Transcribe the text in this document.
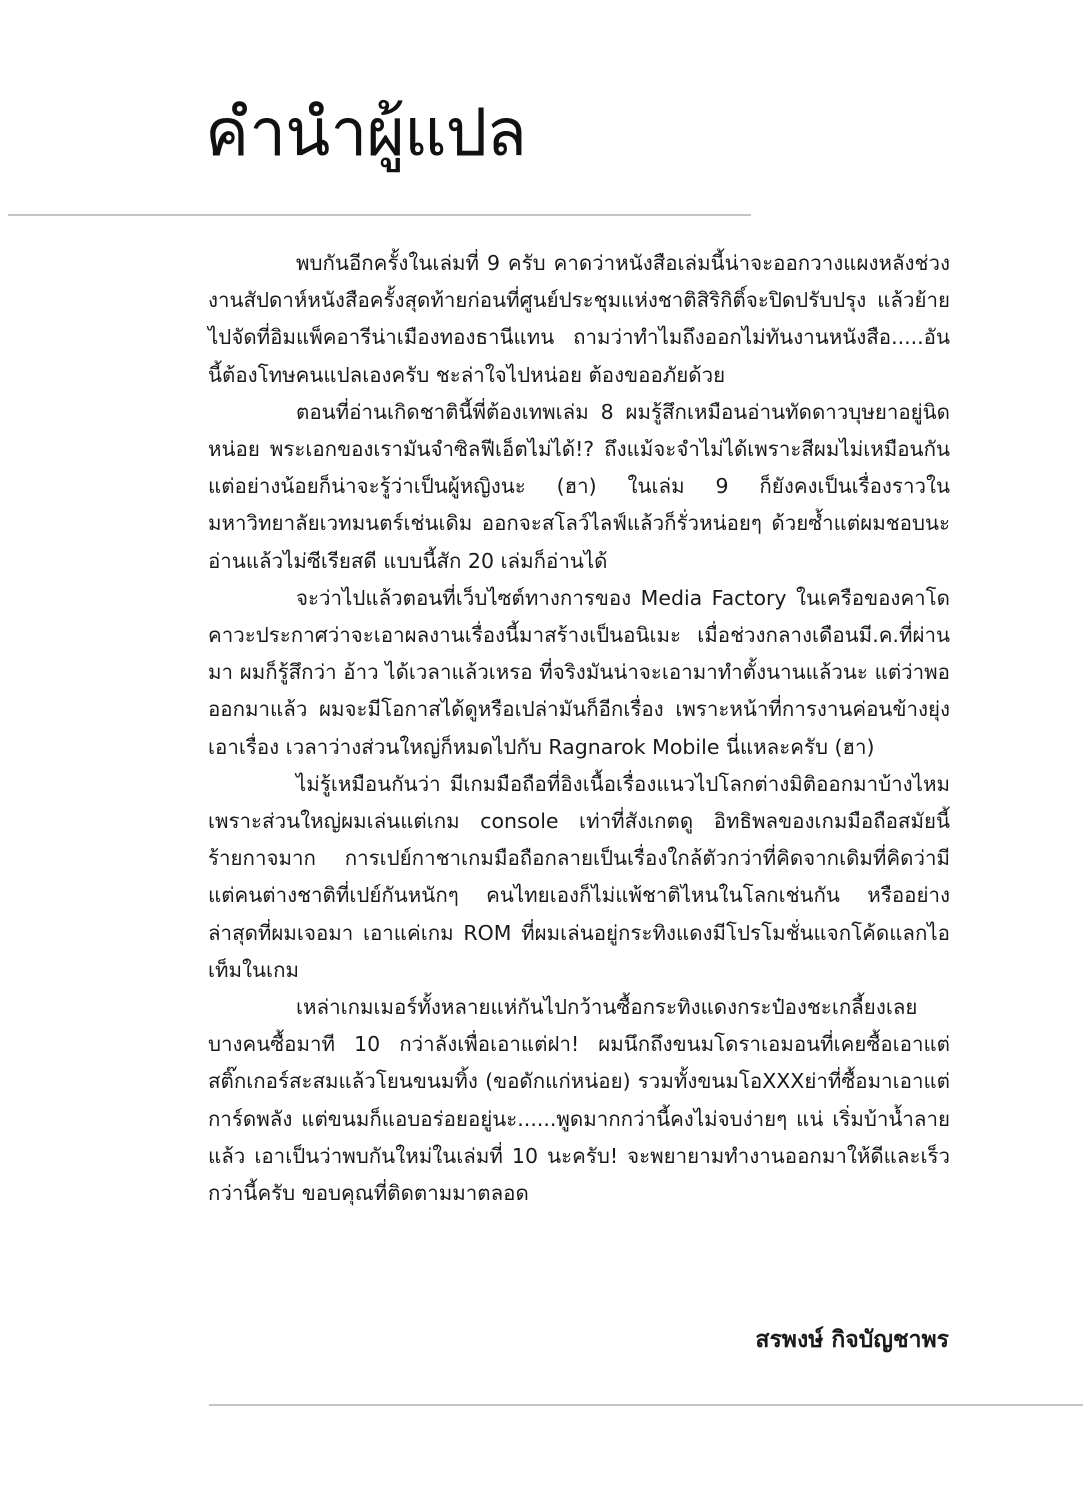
คำนำผู้แปล

พบกันอีกครั้งในเล่มที่ 9 ครับ คาดว่าหนังสือเล่มนี้น่าจะออกวางแผงหลังช่วงงานสัปดาห์หนังสือครั้งสุดท้ายก่อนที่ศูนย์ประชุมแห่งชาติสิริกิติ์จะปิดปรับปรุง แล้วย้ายไปจัดที่อิมแพ็คอารีน่าเมืองทองธานีแทน ถามว่าทำไมถึงออกไม่ทันงานหนังสือ.....อันนี้ต้องโทษคนแปลเองครับ ชะล่าใจไปหน่อย ต้องขออภัยด้วย

ตอนที่อ่านเกิดชาตินี้พี่ต้องเทพเล่ม 8 ผมรู้สึกเหมือนอ่านทัดดาวบุษยาอยู่นิดหน่อย พระเอกของเรามันจำซิลฟีเอ็ตไม่ได้!? ถึงแม้จะจำไม่ได้เพราะสีผมไม่เหมือนกัน แต่อย่างน้อยก็น่าจะรู้ว่าเป็นผู้หญิงนะ (ฮา) ในเล่ม 9 ก็ยังคงเป็นเรื่องราวในมหาวิทยาลัยเวทมนตร์เช่นเดิม ออกจะสโลว์ไลฟ์แล้วก็รั่วหน่อยๆ ด้วยซ้ำแต่ผมชอบนะ อ่านแล้วไม่ซีเรียสดี แบบนี้สัก 20 เล่มก็อ่านได้

จะว่าไปแล้วตอนที่เว็บไซต์ทางการของ Media Factory ในเครือของคาโดคาวะประกาศว่าจะเอาผลงานเรื่องนี้มาสร้างเป็นอนิเมะ เมื่อช่วงกลางเดือนมี.ค.ที่ผ่านมา ผมก็รู้สึกว่า อ้าว ได้เวลาแล้วเหรอ ที่จริงมันน่าจะเอามาทำตั้งนานแล้วนะ แต่ว่าพอออกมาแล้ว ผมจะมีโอกาสได้ดูหรือเปล่ามันก็อีกเรื่อง เพราะหน้าที่การงานค่อนข้างยุ่งเอาเรื่อง เวลาว่างส่วนใหญ่ก็หมดไปกับ Ragnarok Mobile นี่แหละครับ (ฮา)

ไม่รู้เหมือนกันว่า มีเกมมือถือที่อิงเนื้อเรื่องแนวไปโลกต่างมิติออกมาบ้างไหม เพราะส่วนใหญ่ผมเล่นแต่เกม console เท่าที่สังเกตดู อิทธิพลของเกมมือถือสมัยนี้ร้ายกาจมาก การเปย์กาชาเกมมือถือกลายเป็นเรื่องใกล้ตัวกว่าที่คิดจากเดิมที่คิดว่ามีแต่คนต่างชาติที่เปย์กันหนักๆ คนไทยเองก็ไม่แพ้ชาติไหนในโลกเช่นกัน หรืออย่างล่าสุดที่ผมเจอมา เอาแค่เกม ROM ที่ผมเล่นอยู่กระทิงแดงมีโปรโมชั่นแจกโค้ดแลกไอเท็มในเกม

เหล่าเกมเมอร์ทั้งหลายแห่กันไปกว้านซื้อกระทิงแดงกระป๋องชะเกลี้ยงเลย บางคนซื้อมาที 10 กว่าลังเพื่อเอาแต่ฝา! ผมนึกถึงขนมโดราเอมอนที่เคยซื้อเอาแต่สติ๊กเกอร์สะสมแล้วโยนขนมทิ้ง (ขอดักแก่หน่อย) รวมทั้งขนมโอXXXย่าที่ซื้อมาเอาแต่การ์ดพลัง แต่ขนมก็แอบอร่อยอยู่นะ......พูดมากกว่านี้คงไม่จบง่ายๆ แน่ เริ่มบ้าน้ำลายแล้ว เอาเป็นว่าพบกันใหม่ในเล่มที่ 10 นะครับ! จะพยายามทำงานออกมาให้ดีและเร็วกว่านี้ครับ ขอบคุณที่ติดตามมาตลอด

สรพงษ์ กิจบัญชาพร
